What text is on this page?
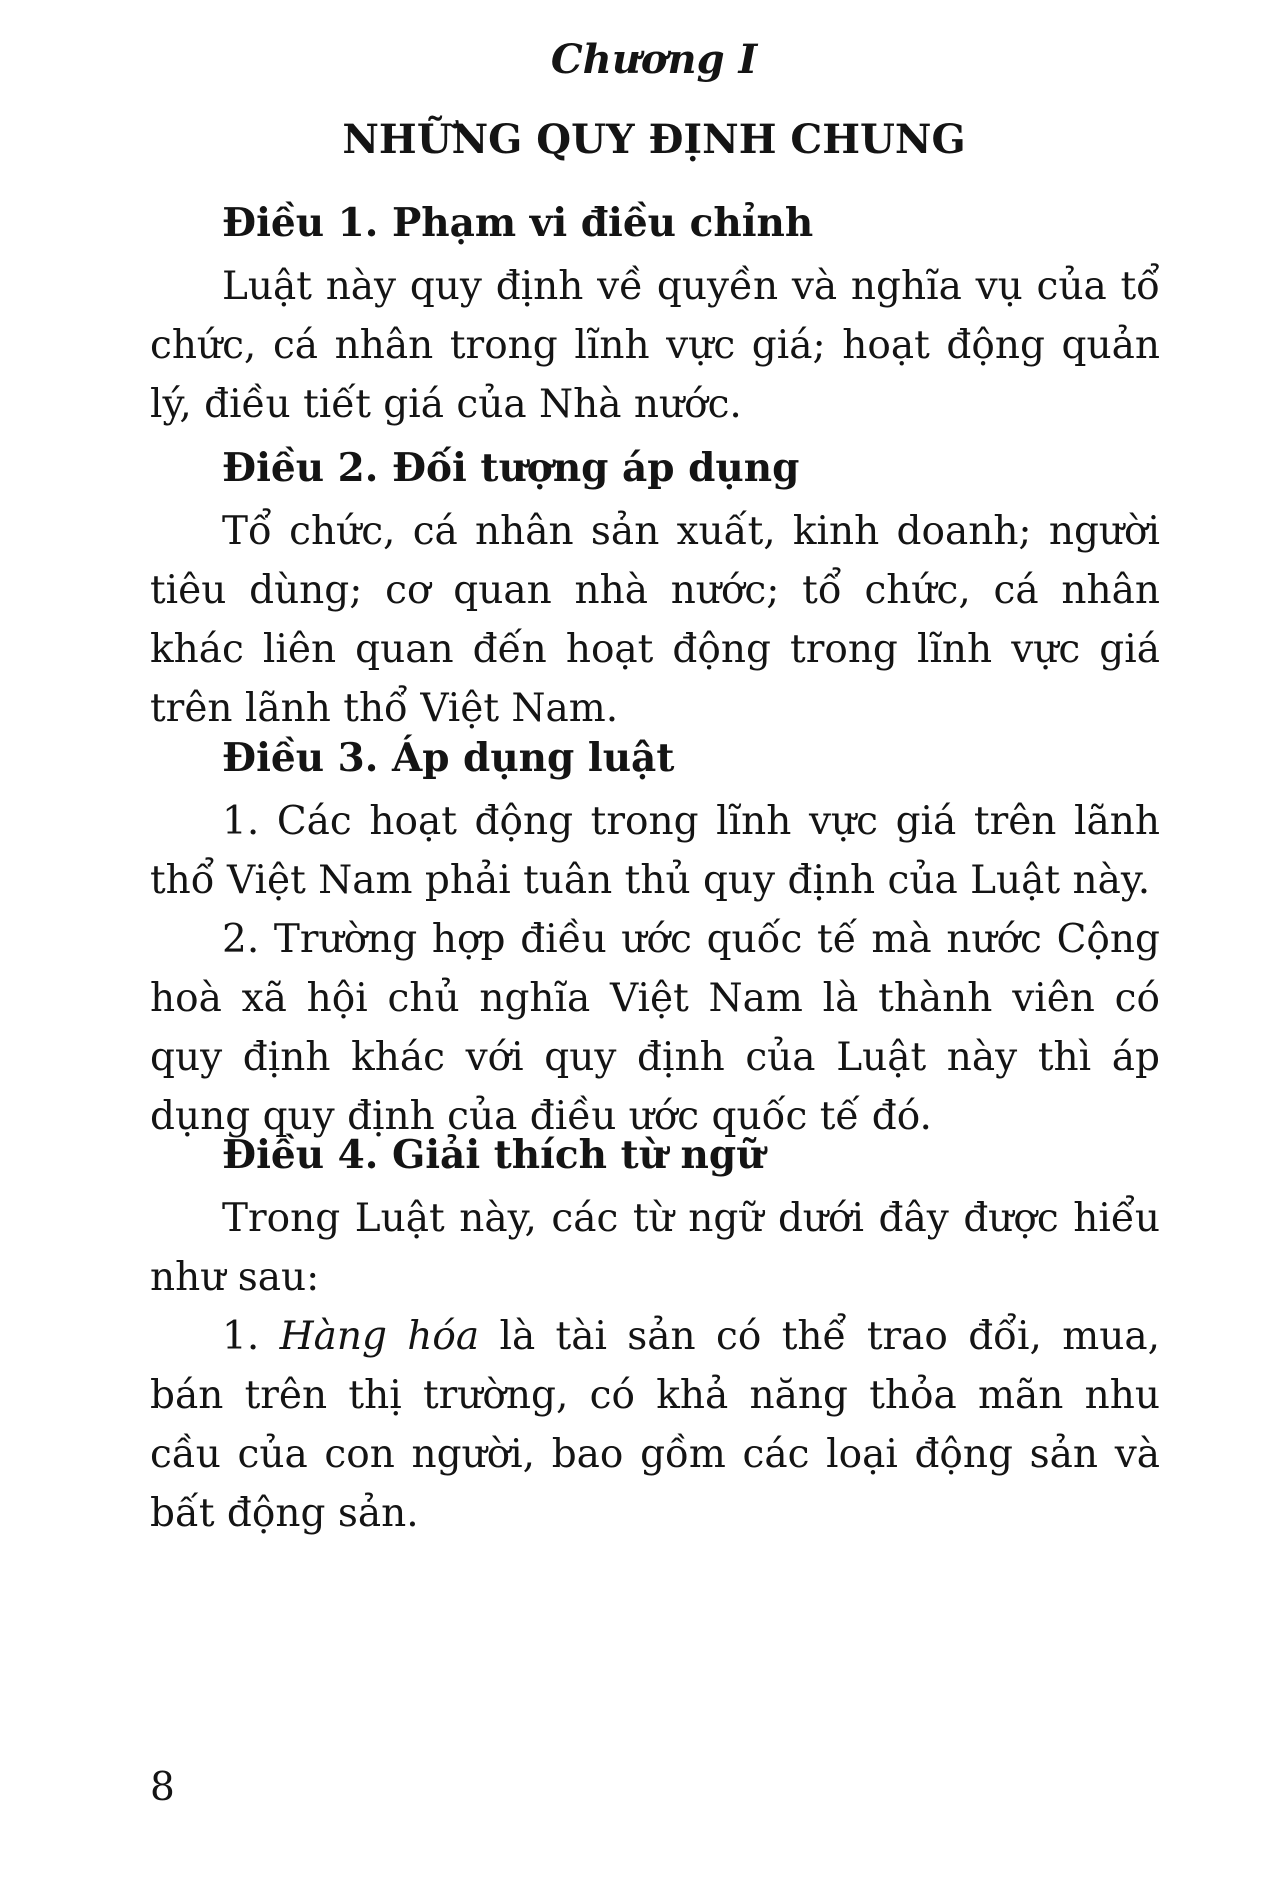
Chương I
NHỮNG QUY ĐỊNH CHUNG
Điều 1. Phạm vi điều chỉnh

Luật này quy định về quyền và nghĩa vụ của tổ chức, cá nhân trong lĩnh vực giá; hoạt động quản lý, điều tiết giá của Nhà nước.

Điều 2. Đối tượng áp dụng

Tổ chức, cá nhân sản xuất, kinh doanh; người tiêu dùng; cơ quan nhà nước; tổ chức, cá nhân khác liên quan đến hoạt động trong lĩnh vực giá trên lãnh thổ Việt Nam.

Điều 3. Áp dụng luật

1. Các hoạt động trong lĩnh vực giá trên lãnh thổ Việt Nam phải tuân thủ quy định của Luật này.

2. Trường hợp điều ước quốc tế mà nước Cộng hoà xã hội chủ nghĩa Việt Nam là thành viên có quy định khác với quy định của Luật này thì áp dụng quy định của điều ước quốc tế đó.

Điều 4. Giải thích từ ngữ

Trong Luật này, các từ ngữ dưới đây được hiểu như sau:

1. Hàng hóa là tài sản có thể trao đổi, mua, bán trên thị trường, có khả năng thỏa mãn nhu cầu của con người, bao gồm các loại động sản và bất động sản.

8
